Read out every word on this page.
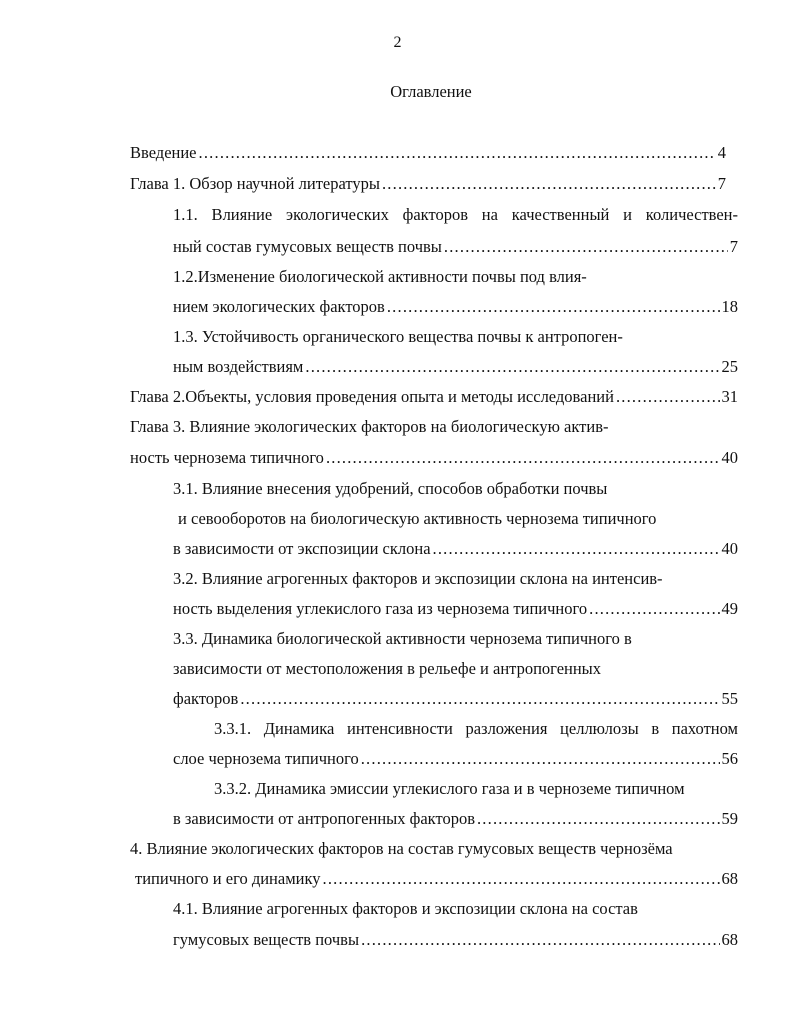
2
Оглавление
Введение .....	4
Глава 1. Обзор научной литературы .....	7
1.1. Влияние экологических факторов на качественный и количествен-
ный состав гумусовых веществ почвы .....	7
1.2.Изменение биологической активности почвы под влия-
нием экологических факторов .....	18
1.3. Устойчивость органического вещества почвы к антропоген-
ным воздействиям .....	25
Глава 2.Объекты, условия проведения опыта и методы исследований .....	31
Глава 3. Влияние экологических факторов на биологическую актив-
ность чернозема типичного .....	40
3.1. Влияние внесения удобрений, способов обработки почвы
и севооборотов на биологическую активность чернозема типичного
в зависимости от экспозиции склона .....	40
3.2. Влияние агрогенных факторов и экспозиции склона на интенсив-
ность выделения углекислого газа из чернозема типичного .....	49
3.3. Динамика биологической активности чернозема типичного в
зависимости от местоположения в рельефе и антропогенных
факторов .....	55
3.3.1. Динамика интенсивности разложения целлюлозы в пахотном
слое чернозема типичного .....	56
3.3.2. Динамика эмиссии углекислого газа и в черноземе типичном
в зависимости от антропогенных факторов .....	59
4. Влияние экологических факторов на состав гумусовых веществ чернозёма
типичного и его динамику .....	68
4.1. Влияние агрогенных факторов и экспозиции склона на состав
гумусовых веществ почвы .....	68
